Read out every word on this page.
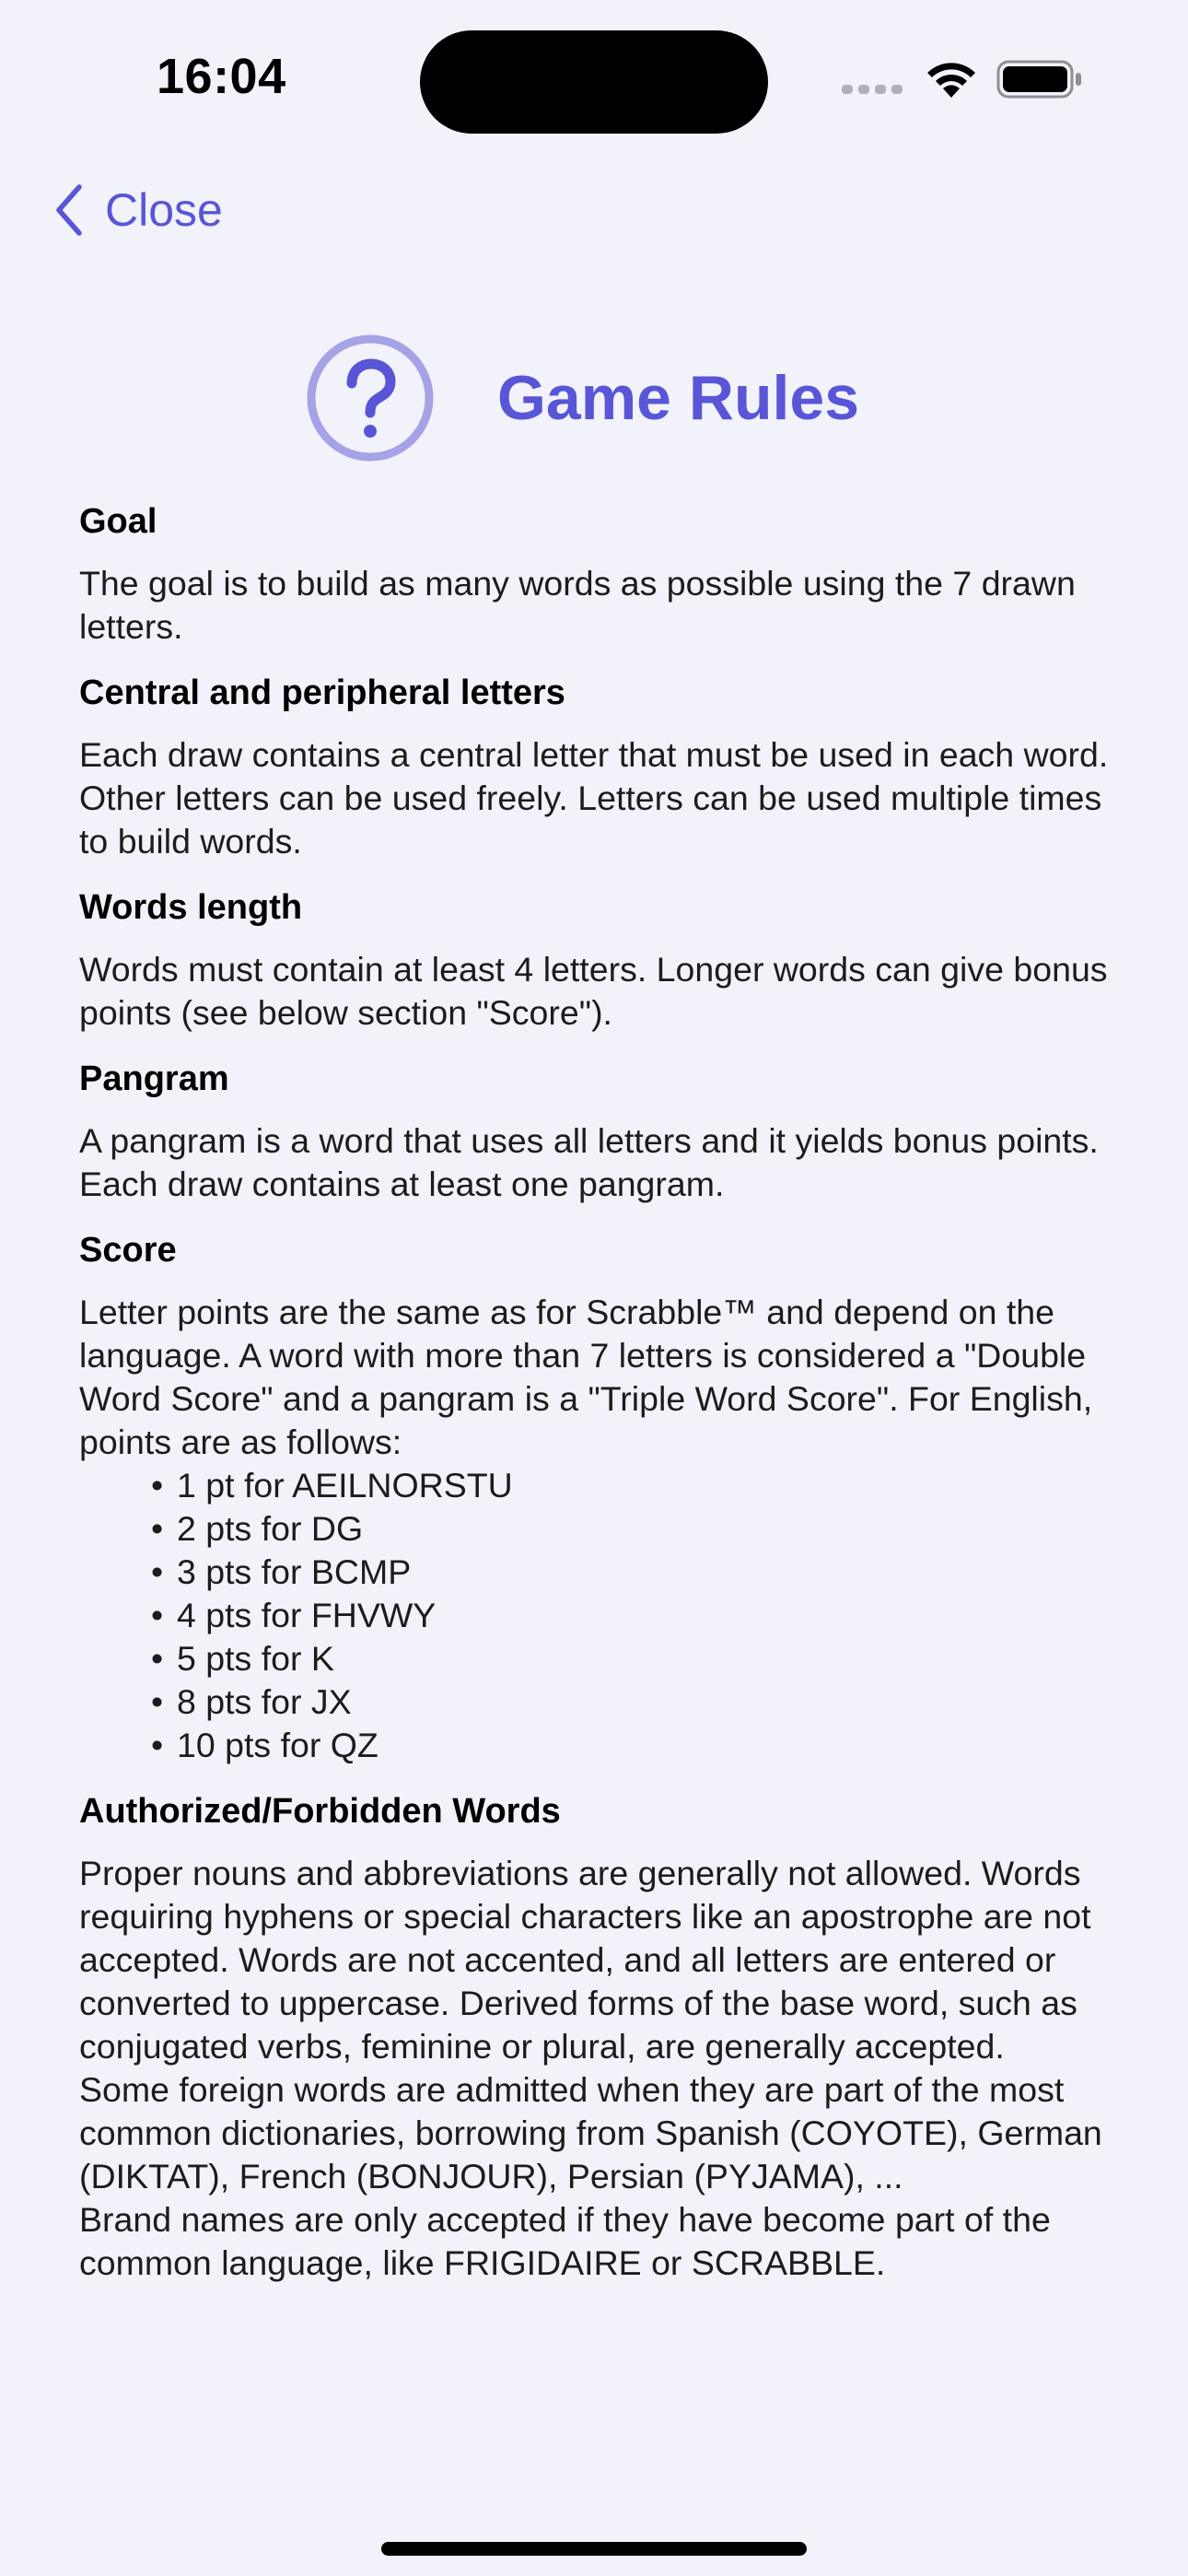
16:04
Close
Game Rules
Goal
The goal is to build as many words as possible using the 7 drawn letters.
Central and peripheral letters
Each draw contains a central letter that must be used in each word. Other letters can be used freely. Letters can be used multiple times to build words.
Words length
Words must contain at least 4 letters. Longer words can give bonus points (see below section "Score").
Pangram
A pangram is a word that uses all letters and it yields bonus points. Each draw contains at least one pangram.
Score

Letter points are the same as for Scrabble™ and depend on the language. A word with more than 7 letters is considered a "Double Word Score" and a pangram is a "Triple Word Score". For English, points are as follows:

• 1 pt for AEILNORSTU
• 2 pts for DG
• 3 pts for BCMP
• 4 pts for FHVWY
• 5 pts for K
• 8 pts for JX
• 10 pts for QZ
Authorized/Forbidden Words

Proper nouns and abbreviations are generally not allowed. Words requiring hyphens or special characters like an apostrophe are not accepted. Words are not accented, and all letters are entered or converted to uppercase. Derived forms of the base word, such as conjugated verbs, feminine or plural, are generally accepted.

Some foreign words are admitted when they are part of the most common dictionaries, borrowing from Spanish (COYOTE), German (DIKTAT), French (BONJOUR), Persian (PYJAMA), ...

Brand names are only accepted if they have become part of the common language, like FRIGIDAIRE or SCRABBLE.
